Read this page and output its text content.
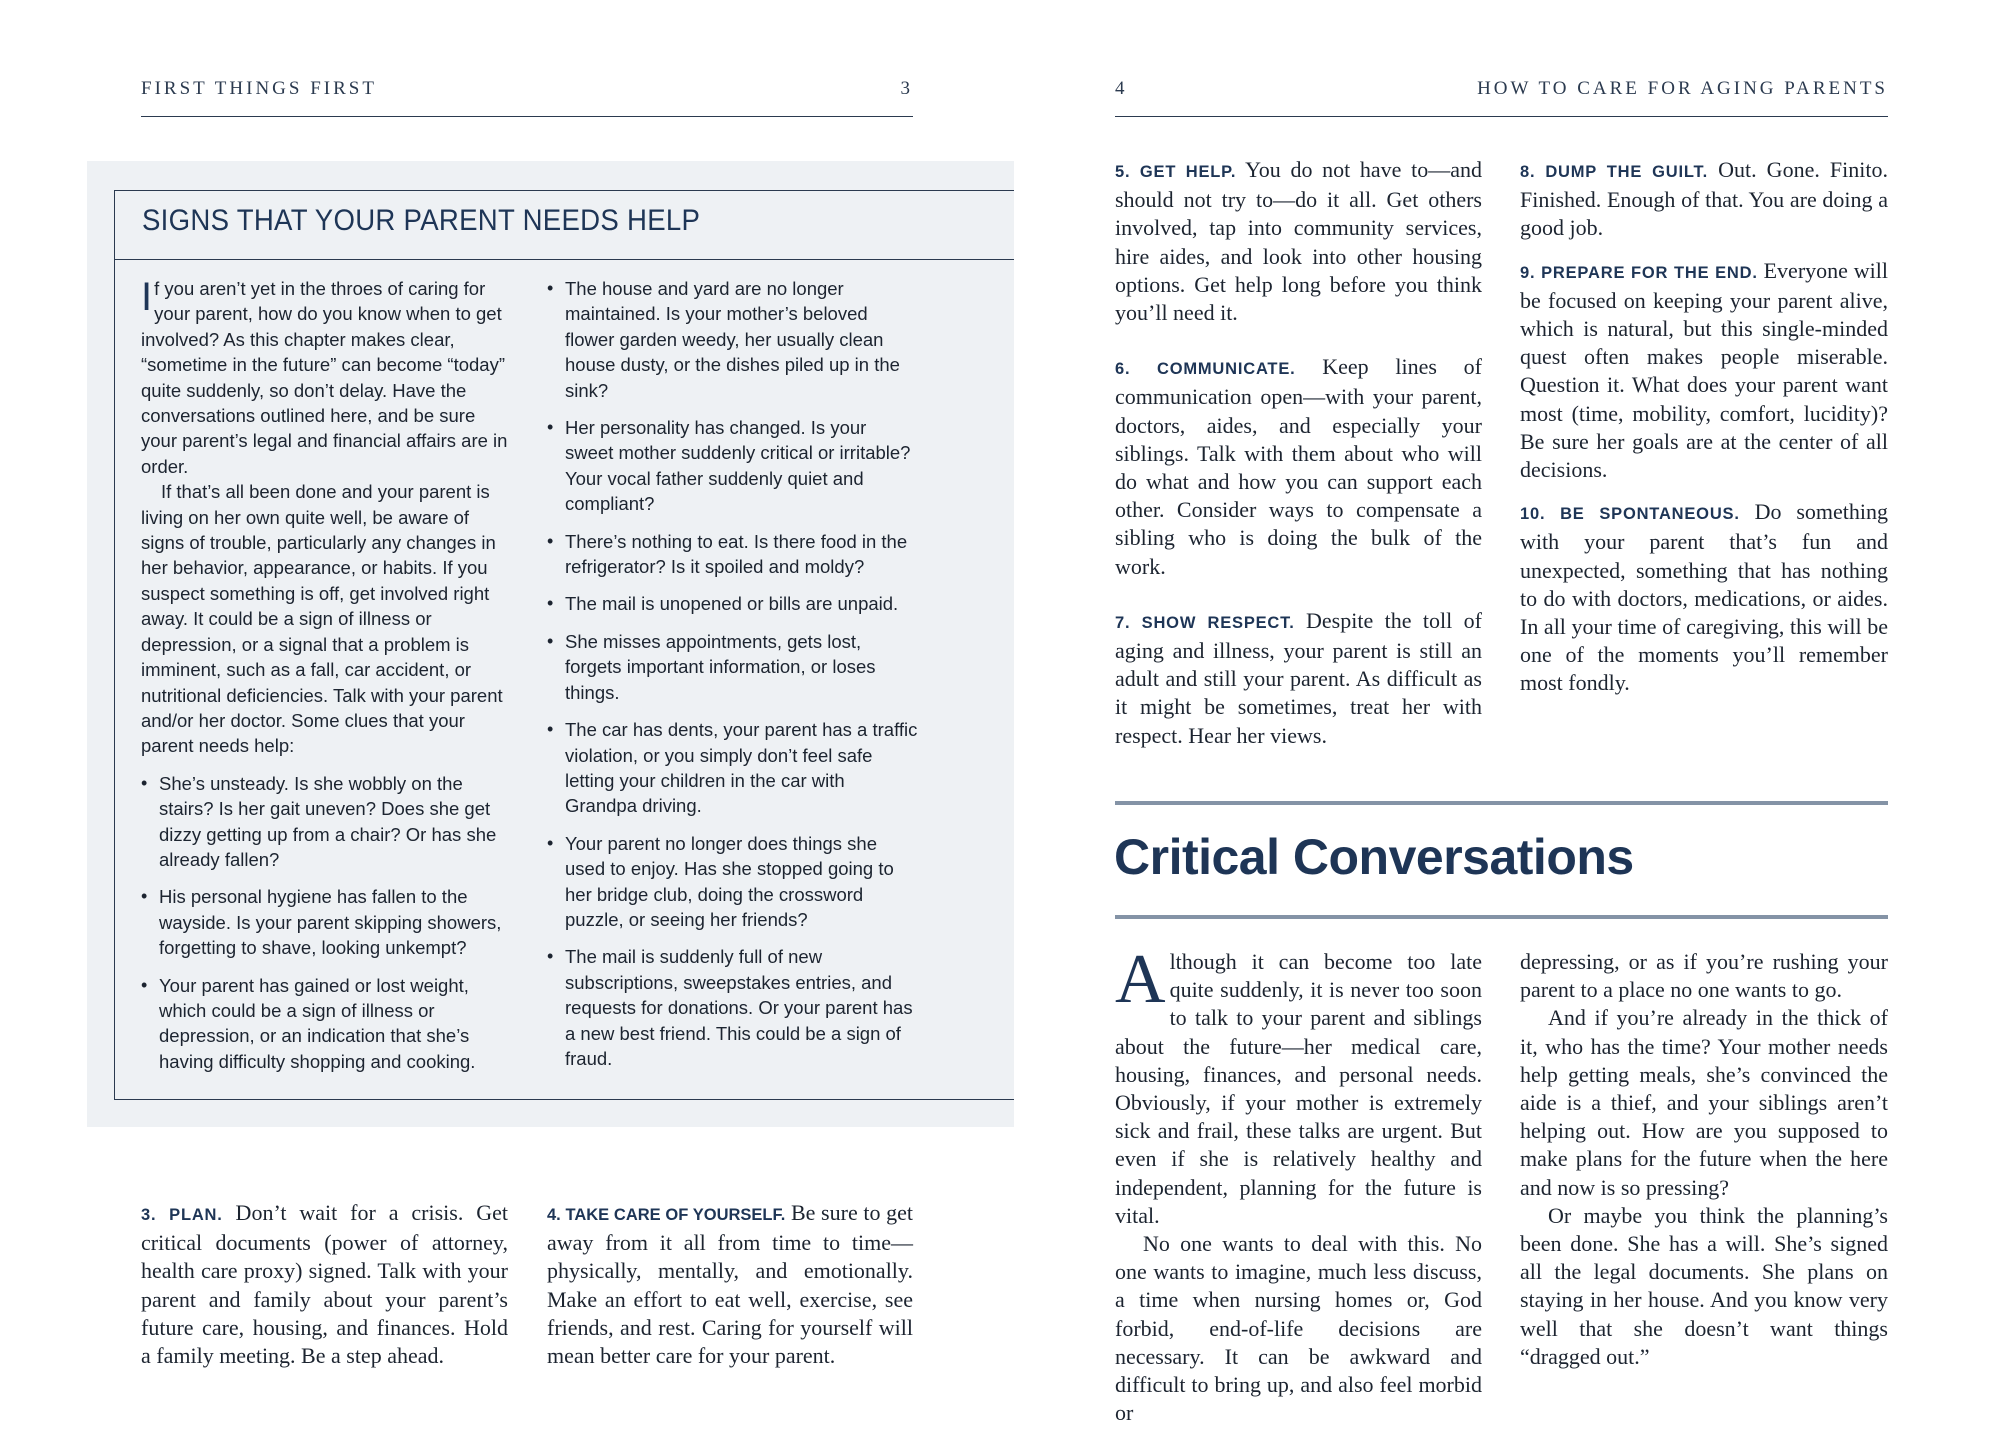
FIRST THINGS FIRST	3
SIGNS THAT YOUR PARENT NEEDS HELP

If you aren’t yet in the throes of caring for your parent, how do you know when to get involved? As this chapter makes clear, “sometime in the future” can become “today” quite suddenly, so don’t delay. Have the conversations outlined here, and be sure your parent’s legal and financial affairs are in order.

If that’s all been done and your parent is living on her own quite well, be aware of signs of trouble, particularly any changes in her behavior, appearance, or habits. If you suspect something is off, get involved right away. It could be a sign of illness or depression, or a signal that a problem is imminent, such as a fall, car accident, or nutritional deficiencies. Talk with your parent and/or her doctor. Some clues that your parent needs help:

• She’s unsteady. Is she wobbly on the stairs? Is her gait uneven? Does she get dizzy getting up from a chair? Or has she already fallen?
• His personal hygiene has fallen to the wayside. Is your parent skipping showers, forgetting to shave, looking unkempt?
• Your parent has gained or lost weight, which could be a sign of illness or depression, or an indication that she’s having difficulty shopping and cooking.
• The house and yard are no longer maintained. Is your mother’s beloved flower garden weedy, her usually clean house dusty, or the dishes piled up in the sink?
• Her personality has changed. Is your sweet mother suddenly critical or irritable? Your vocal father suddenly quiet and compliant?
• There’s nothing to eat. Is there food in the refrigerator? Is it spoiled and moldy?
• The mail is unopened or bills are unpaid.
• She misses appointments, gets lost, forgets important information, or loses things.
• The car has dents, your parent has a traffic violation, or you simply don’t feel safe letting your children in the car with Grandpa driving.
• Your parent no longer does things she used to enjoy. Has she stopped going to her bridge club, doing the crossword puzzle, or seeing her friends?
• The mail is suddenly full of new subscriptions, sweepstakes entries, and requests for donations. Or your parent has a new best friend. This could be a sign of fraud.

3. PLAN. Don’t wait for a crisis. Get critical documents (power of attorney, health care proxy) signed. Talk with your parent and family about your parent’s future care, housing, and finances. Hold a family meeting. Be a step ahead.

4. TAKE CARE OF YOURSELF. Be sure to get away from it all from time to time—physically, mentally, and emotionally. Make an effort to eat well, exercise, see friends, and rest. Caring for yourself will mean better care for your parent.

4	HOW TO CARE FOR AGING PARENTS

5. GET HELP. You do not have to—and should not try to—do it all. Get others involved, tap into community services, hire aides, and look into other housing options. Get help long before you think you’ll need it.

6. COMMUNICATE. Keep lines of communication open—with your parent, doctors, aides, and especially your siblings. Talk with them about who will do what and how you can support each other. Consider ways to compensate a sibling who is doing the bulk of the work.

7. SHOW RESPECT. Despite the toll of aging and illness, your parent is still an adult and still your parent. As difficult as it might be sometimes, treat her with respect. Hear her views.

8. DUMP THE GUILT. Out. Gone. Finito. Finished. Enough of that. You are doing a good job.

9. PREPARE FOR THE END. Everyone will be focused on keeping your parent alive, which is natural, but this single-minded quest often makes people miserable. Question it. What does your parent want most (time, mobility, comfort, lucidity)? Be sure her goals are at the center of all decisions.

10. BE SPONTANEOUS. Do something with your parent that’s fun and unexpected, something that has nothing to do with doctors, medications, or aides. In all your time of caregiving, this will be one of the moments you’ll remember most fondly.

Critical Conversations

Although it can become too late quite suddenly, it is never too soon to talk to your parent and siblings about the future—her medical care, housing, finances, and personal needs. Obviously, if your mother is extremely sick and frail, these talks are urgent. But even if she is relatively healthy and independent, planning for the future is vital.

No one wants to deal with this. No one wants to imagine, much less discuss, a time when nursing homes or, God forbid, end-of-life decisions are necessary. It can be awkward and difficult to bring up, and also feel morbid or

depressing, or as if you’re rushing your parent to a place no one wants to go.

And if you’re already in the thick of it, who has the time? Your mother needs help getting meals, she’s convinced the aide is a thief, and your siblings aren’t helping out. How are you supposed to make plans for the future when the here and now is so pressing?

Or maybe you think the planning’s been done. She has a will. She’s signed all the legal documents. She plans on staying in her house. And you know very well that she doesn’t want things “dragged out.”
